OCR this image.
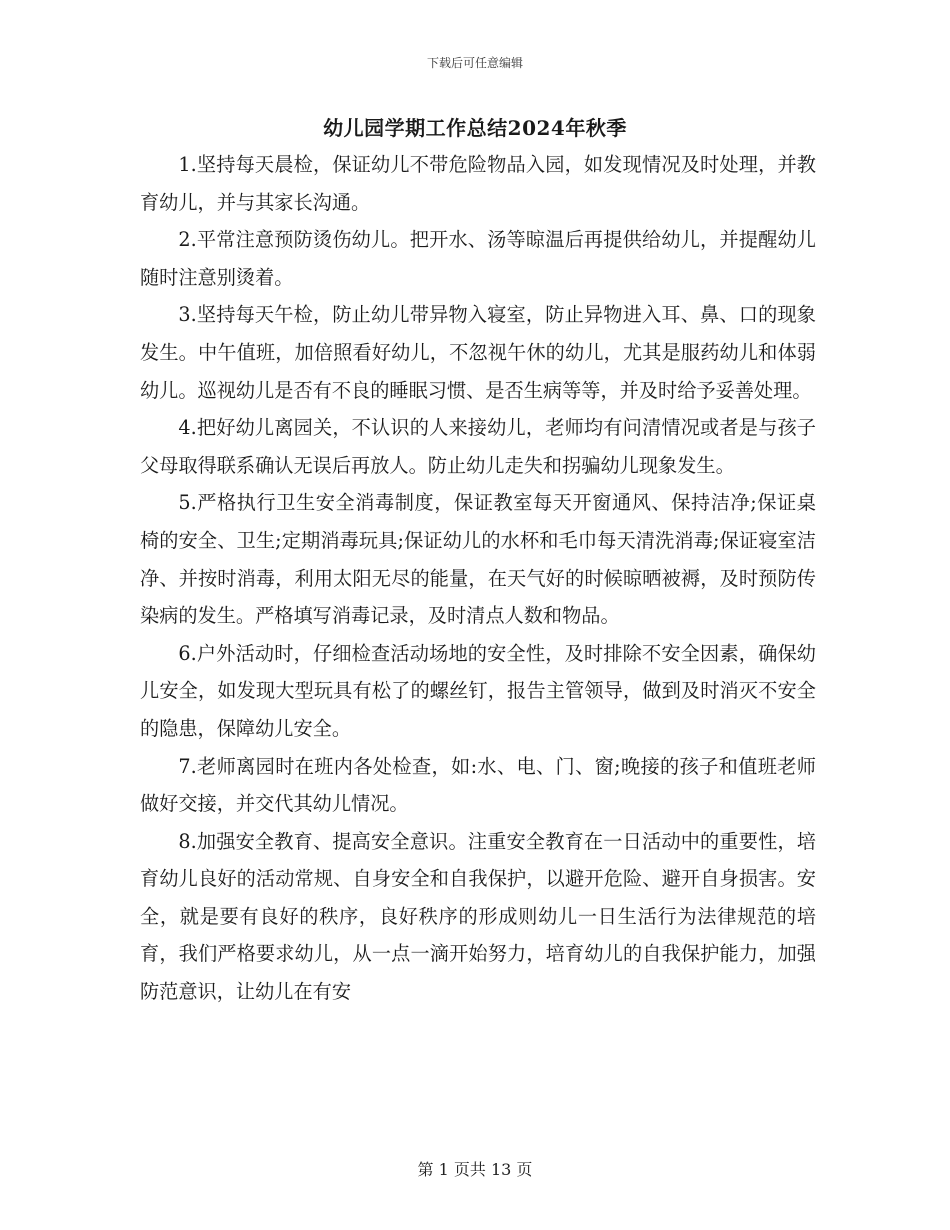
下载后可任意编辑
幼儿园学期工作总结2024年秋季

1.坚持每天晨检，保证幼儿不带危险物品入园，如发现情况及时处理，并教育幼儿，并与其家长沟通。

2.平常注意预防烫伤幼儿。把开水、汤等晾温后再提供给幼儿，并提醒幼儿随时注意别烫着。

3.坚持每天午检，防止幼儿带异物入寝室，防止异物进入耳、鼻、口的现象发生。中午值班，加倍照看好幼儿，不忽视午休的幼儿，尤其是服药幼儿和体弱幼儿。巡视幼儿是否有不良的睡眠习惯、是否生病等等，并及时给予妥善处理。

4.把好幼儿离园关，不认识的人来接幼儿，老师均有问清情况或者是与孩子父母取得联系确认无误后再放人。防止幼儿走失和拐骗幼儿现象发生。

5.严格执行卫生安全消毒制度，保证教室每天开窗通风、保持洁净;保证桌椅的安全、卫生;定期消毒玩具;保证幼儿的水杯和毛巾每天清洗消毒;保证寝室洁净、并按时消毒，利用太阳无尽的能量，在天气好的时候晾晒被褥，及时预防传染病的发生。严格填写消毒记录，及时清点人数和物品。

6.户外活动时，仔细检查活动场地的安全性，及时排除不安全因素，确保幼儿安全，如发现大型玩具有松了的螺丝钉，报告主管领导，做到及时消灭不安全的隐患，保障幼儿安全。

7.老师离园时在班内各处检查，如:水、电、门、窗;晚接的孩子和值班老师做好交接，并交代其幼儿情况。

8.加强安全教育、提高安全意识。注重安全教育在一日活动中的重要性，培育幼儿良好的活动常规、自身安全和自我保护，以避开危险、避开自身损害。安全，就是要有良好的秩序，良好秩序的形成则幼儿一日生活行为法律规范的培育，我们严格要求幼儿，从一点一滴开始努力，培育幼儿的自我保护能力，加强防范意识，让幼儿在有安

第 1 页共 13 页
